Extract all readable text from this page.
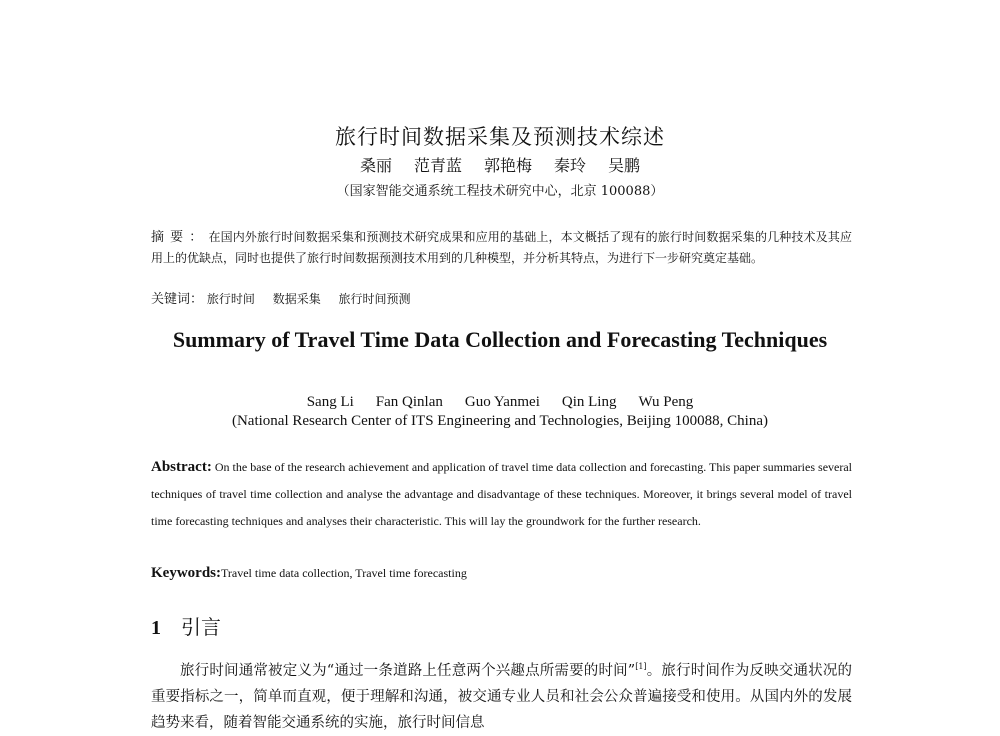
旅行时间数据采集及预测技术综述
桑丽 范青蓝 郭艳梅 秦玲 吴鹏
（国家智能交通系统工程技术研究中心，北京 100088）
摘要：在国内外旅行时间数据采集和预测技术研究成果和应用的基础上，本文概括了现有的旅行时间数据采集的几种技术及其应用上的优缺点，同时也提供了旅行时间数据预测技术用到的几种模型，并分析其特点，为进行下一步研究奠定基础。
关键词： 旅行时间 数据采集 旅行时间预测
Summary of Travel Time Data Collection and Forecasting Techniques
Sang Li Fan Qinlan Guo Yanmei Qin Ling Wu Peng
(National Research Center of ITS Engineering and Technologies, Beijing 100088, China)
Abstract: On the base of the research achievement and application of travel time data collection and forecasting. This paper summaries several techniques of travel time collection and analyse the advantage and disadvantage of these techniques. Moreover, it brings several model of travel time forecasting techniques and analyses their characteristic. This will lay the groundwork for the further research.
Keywords:Travel time data collection, Travel time forecasting
1 引言
旅行时间通常被定义为“通过一条道路上任意两个兴趣点所需要的时间”[1]。旅行时间作为反映交通状况的重要指标之一，简单而直观，便于理解和沟通，被交通专业人员和社会公众普遍接受和使用。从国内外的发展趋势来看，随着智能交通系统的实施，旅行时间信息
